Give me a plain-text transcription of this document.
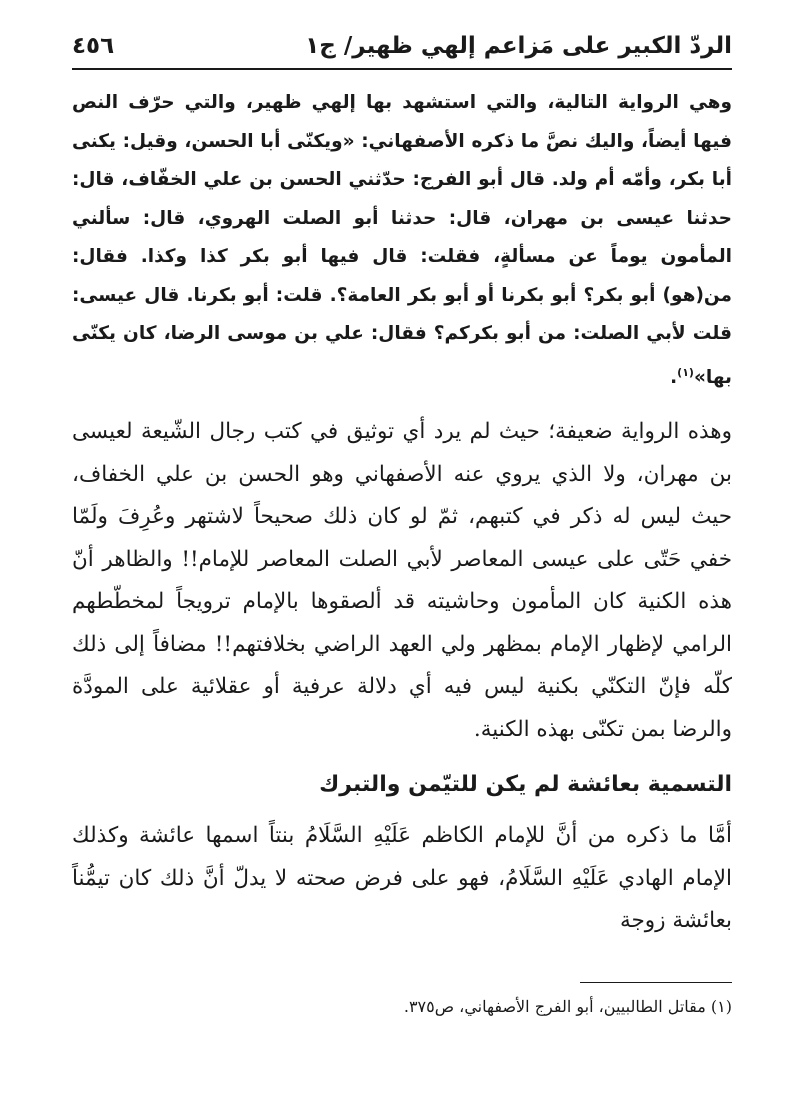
الردّ الكبير على مَزاعم إلهي ظهير/ ج١
٤٥٦

وهي الرواية التالية، والتي استشهد بها إلهي ظهير، والتي حرّف النص فيها أيضاً، واليك نصَّ ما ذكره الأصفهاني: «ويكنّى أبا الحسن، وقيل: يكنى أبا بكر، وأمّه أم ولد. قال أبو الفرج: حدّثني الحسن بن علي الخفّاف، قال: حدثنا عيسى بن مهران، قال: حدثنا أبو الصلت الهروي، قال: سألني المأمون يوماً عن مسألةٍ، فقلت: قال فيها أبو بكر كذا وكذا. فقال: من(هو) أبو بكر؟ أبو بكرنا أو أبو بكر العامة؟. قلت: أبو بكرنا. قال عيسى: قلت لأبي الصلت: من أبو بكركم؟ فقال: علي بن موسى الرضا، كان يكنّى بها»$^{(١)}$.

وهذه الرواية ضعيفة؛ حيث لم يرد أي توثيق في كتب رجال الشّيعة لعيسى بن مهران، ولا الذي يروي عنه الأصفهاني وهو الحسن بن علي الخفاف، حيث ليس له ذكر في كتبهم، ثمّ لو كان ذلك صحيحاً لاشتهر وعُرِفَ ولَمّا خفي حَتّى على عيسى المعاصر لأبي الصلت المعاصر للإمام!! والظاهر أنّ هذه الكنية كان المأمون وحاشيته قد ألصقوها بالإمام ترويجاً لمخطّطهم الرامي لإظهار الإمام بمظهر ولي العهد الراضي بخلافتهم!! مضافاً إلى ذلك كلّه فإنّ التكنّي بكنية ليس فيه أي دلالة عرفية أو عقلائية على المودَّة والرضا بمن تكنّى بهذه الكنية.

التسمية بعائشة لم يكن للتيّمن والتبرك

أمَّا ما ذكره من أنَّ للإمام الكاظم عَلَيْهِ السَّلَامُ بنتاً اسمها عائشة وكذلك الإمام الهادي عَلَيْهِ السَّلَامُ، فهو على فرض صحته لا يدلّ أنَّ ذلك كان تيمُّناً بعائشة زوجة

(١) مقاتل الطالبيين، أبو الفرج الأصفهاني، ص٣٧٥.
